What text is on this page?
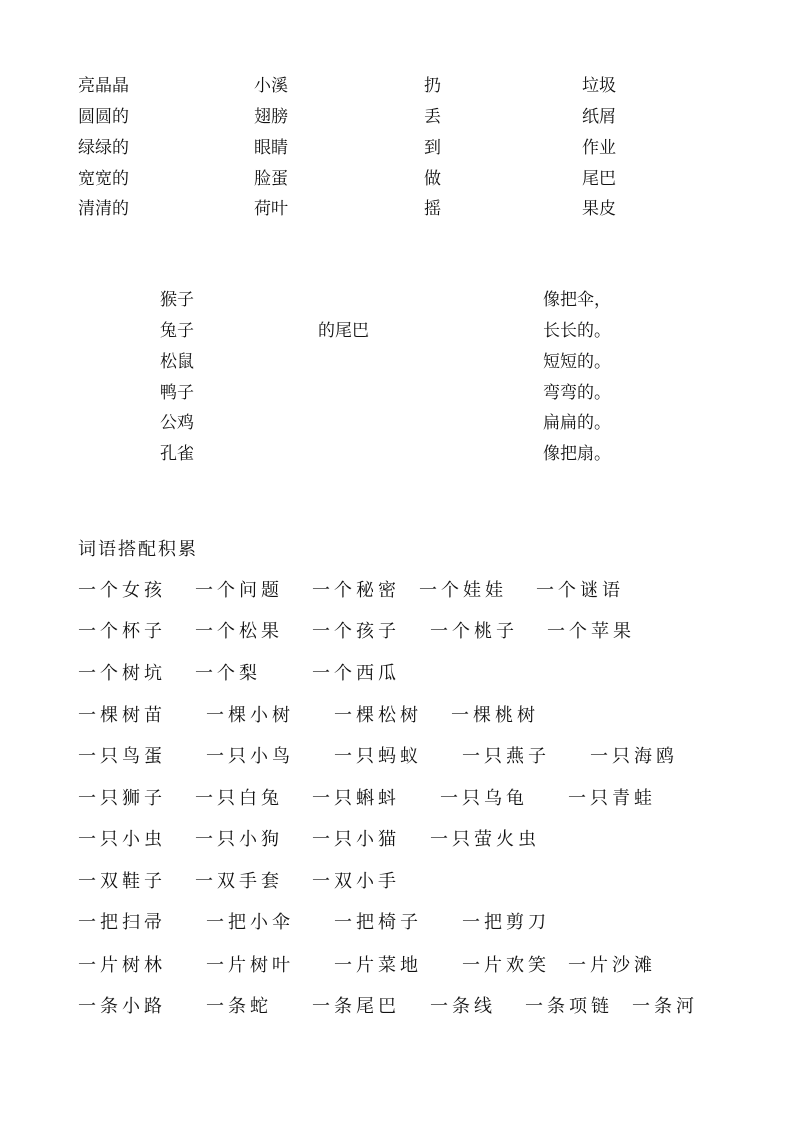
亮晶晶
圆圆的
绿绿的
宽宽的
清清的
小溪
翅膀
眼睛
脸蛋
荷叶
扔
丢
到
做
摇
垃圾
纸屑
作业
尾巴
果皮
猴子
兔子
松鼠
鸭子
公鸡
孔雀
的尾巴
像把伞，
长长的。
短短的。
弯弯的。
扁扁的。
像把扇。
词语搭配积累
一个女孩 一个问题 一个秘密 一个娃娃 一个谜语
一个杯子 一个松果 一个孩子 一个桃子 一个苹果
一个树坑 一个梨	一个西瓜
一棵树苗 一棵小树 一棵松树 一棵桃树
一只鸟蛋 一只小鸟 一只蚂蚁 一只燕子 一只海鸥
一只狮子 一只白兔 一只蝌蚪 一只乌龟 一只青蛙
一只小虫 一只小狗 一只小猫 一只萤火虫
一双鞋子 一双手套 一双小手
一把扫帚 一把小伞 一把椅子 一把剪刀
一片树林 一片树叶 一片菜地 一片欢笑 一片沙滩
一条小路 一条蛇 一条尾巴 一条线 一条项链 一条河
